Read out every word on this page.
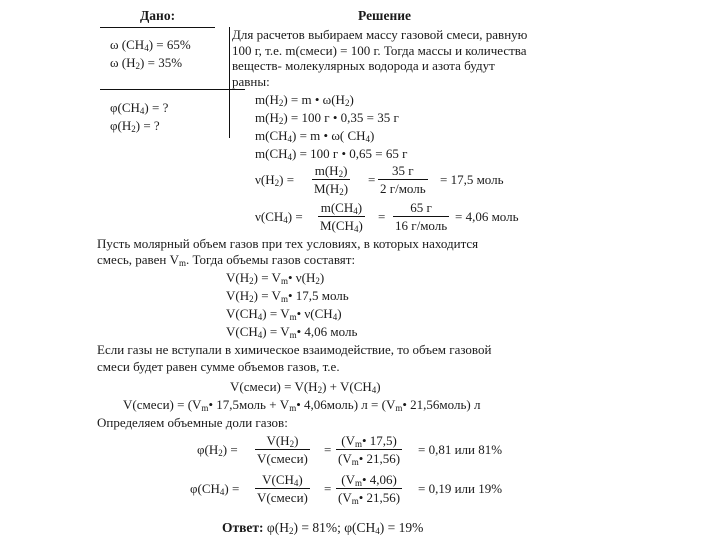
Дано:	Решение
ω $(CH_4) = 65\%$
ω $(H_2) = 35\%$
$\varphi(CH_4)$ = ?
$\varphi(H_2)$ = ?
Для расчетов выбираем массу газовой смеси, равную
100 г, т.е. m(смеси) = 100 г. Тогда массы и количества
веществ- молекулярных водорода и азота будут
равны:
$m(H_2) = m$ • $\omega(H_2)$
$m(H_2) = 100$ г • 0,35 = 35 г
$m(CH_4) = m$ • ω( $CH_4$)
$m(CH_4) = 100$ г • 0,65 = 65 г
$\nu(H_2) = \frac{m(H_2)}{M(H_2)}$ =
35 г
2 г/моль
= 17,5 моль
$\nu(CH_4) = \frac{m(CH_4)}{M(CH_4)}$ =
65 г
16 г/моль
= 4,06 моль
Пусть молярный объем газов при тех условиях, в которых находится
смесь, равен $V_m$. Тогда объемы газов составят:
$V(H_2)$ = $V_m•$ $\nu(H_2)$
$V(H_2)$ = $V_m•$ 17,5 моль
$V(CH_4)$ = $V_m•$ $\nu(CH_4)$
$V(CH_4)$ = $V_m•$ 4,06 моль
Если газы не вступали в химическое взаимодействие, то объем газовой
смеси будет равен сумме объемов газов, т.е.
V(смеси) = $V(H_2) + V(CH_4)$
V(смеси) = ($V_m•$ 17,5моль + $V_m•$ 4,06моль) $л = (V_m•$ 21,56моль) л
Определяем объемные доли газов:
$\varphi(H_2)$ =
$V(H_2)$
V(смеси)
= $\frac{(V_m• 17,5)}{(V_m• 21,56)} = 0,81$ или 81%
$\varphi(CH_4)$ =
$V(CH_4)$
V(смеси)
= $\frac{(V_m• 4,06)}{(V_m• 21,56)} = 0,19$ или 19%
Ответ: $\varphi(H_2) = 81\%$; $\varphi(CH_4) = 19\%$
